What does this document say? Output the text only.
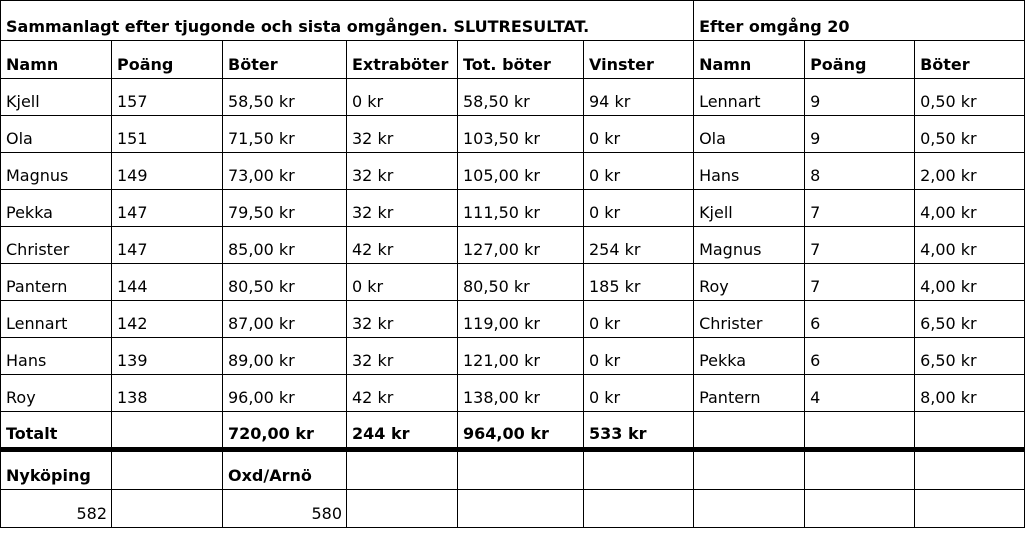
Sammanlagt efter tjugonde och sista omgången. SLUTRESULTAT.						Efter omgång 20		
Namn	Poäng	Böter	Extraböter	Tot. böter	Vinster	Namn	Poäng	Böter
Kjell	157	58,50 kr	0 kr	58,50 kr	94 kr	Lennart	9	0,50 kr
Ola	151	71,50 kr	32 kr	103,50 kr	0 kr	Ola	9	0,50 kr
Magnus	149	73,00 kr	32 kr	105,00 kr	0 kr	Hans	8	2,00 kr
Pekka	147	79,50 kr	32 kr	111,50 kr	0 kr	Kjell	7	4,00 kr
Christer	147	85,00 kr	42 kr	127,00 kr	254 kr	Magnus	7	4,00 kr
Pantern	144	80,50 kr	0 kr	80,50 kr	185 kr	Roy	7	4,00 kr
Lennart	142	87,00 kr	32 kr	119,00 kr	0 kr	Christer	6	6,50 kr
Hans	139	89,00 kr	32 kr	121,00 kr	0 kr	Pekka	6	6,50 kr
Roy	138	96,00 kr	42 kr	138,00 kr	0 kr	Pantern	4	8,00 kr
Totalt		720,00 kr	244 kr	964,00 kr	533 kr			
Nyköping		Oxd/Arnö						
582		580						
